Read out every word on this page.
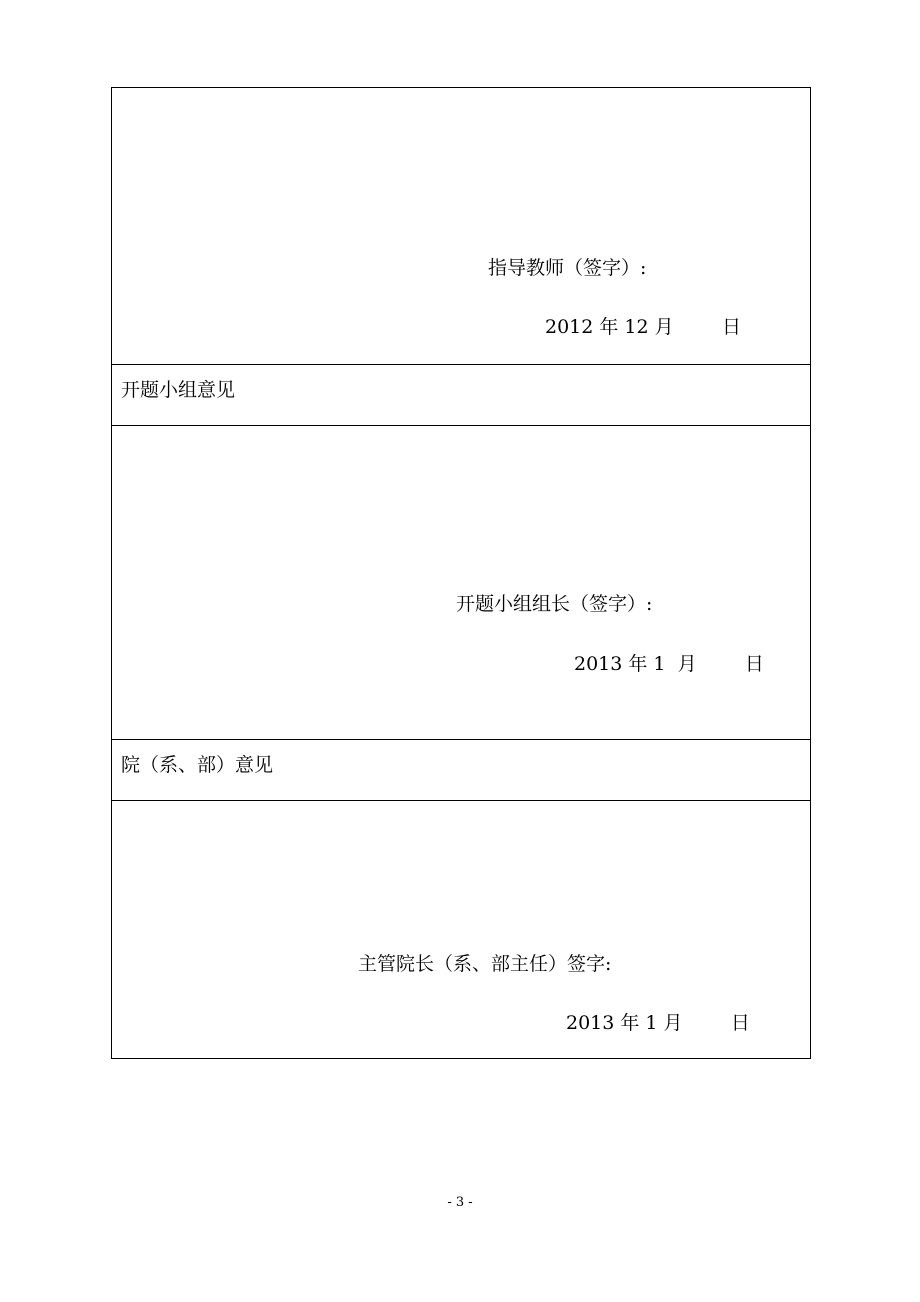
指导教师（签字）:
2012 年 12 月        日
开题小组意见
开题小组组长（签字）:
2013 年 1  月        日
院（系、部）意见
主管院长（系、部主任）签字:
2013 年 1 月        日
- 3 -
